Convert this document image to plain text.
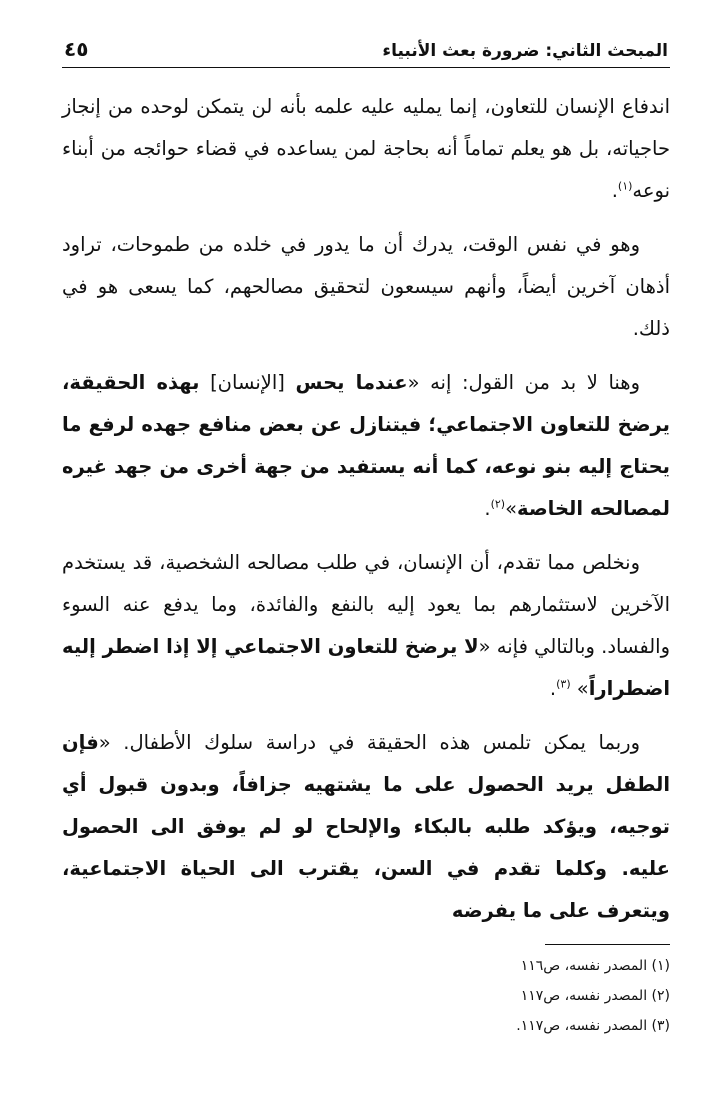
المبحث الثاني: ضرورة بعث الأنبياء
٤٥

اندفاع الإنسان للتعاون، إنما يمليه عليه علمه بأنه لن يتمكن لوحده من إنجاز حاجياته، بل هو يعلم تماماً أنه بحاجة لمن يساعده في قضاء حوائجه من أبناء نوعه$^{(١)}$.

وهو في نفس الوقت، يدرك أن ما يدور في خلده من طموحات، تراود أذهان آخرين أيضاً، وأنهم سيسعون لتحقيق مصالحهم، كما يسعى هو في ذلك.

وهنا لا بد من القول: إنه «عندما يحس [الإنسان] بهذه الحقيقة، يرضخ للتعاون الاجتماعي؛ فيتنازل عن بعض منافع جهده لرفع ما يحتاج إليه بنو نوعه، كما أنه يستفيد من جهة أخرى من جهد غيره لمصالحه الخاصة»$^{(٢)}$.

ونخلص مما تقدم، أن الإنسان، في طلب مصالحه الشخصية، قد يستخدم الآخرين لاستثمارهم بما يعود إليه بالنفع والفائدة، وما يدفع عنه السوء والفساد. وبالتالي فإنه «لا يرضخ للتعاون الاجتماعي إلا إذا اضطر إليه اضطراراً» $^{(٣)}$.

وربما يمكن تلمس هذه الحقيقة في دراسة سلوك الأطفال. «فإن الطفل يريد الحصول على ما يشتهيه جزافاً، وبدون قبول أي توجيه، ويؤكد طلبه بالبكاء والإلحاح لو لم يوفق الى الحصول عليه. وكلما تقدم في السن، يقترب الى الحياة الاجتماعية، ويتعرف على ما يفرضه

(١) المصدر نفسه، ص١١٦
(٢) المصدر نفسه، ص١١٧
(٣) المصدر نفسه، ص١١٧.
